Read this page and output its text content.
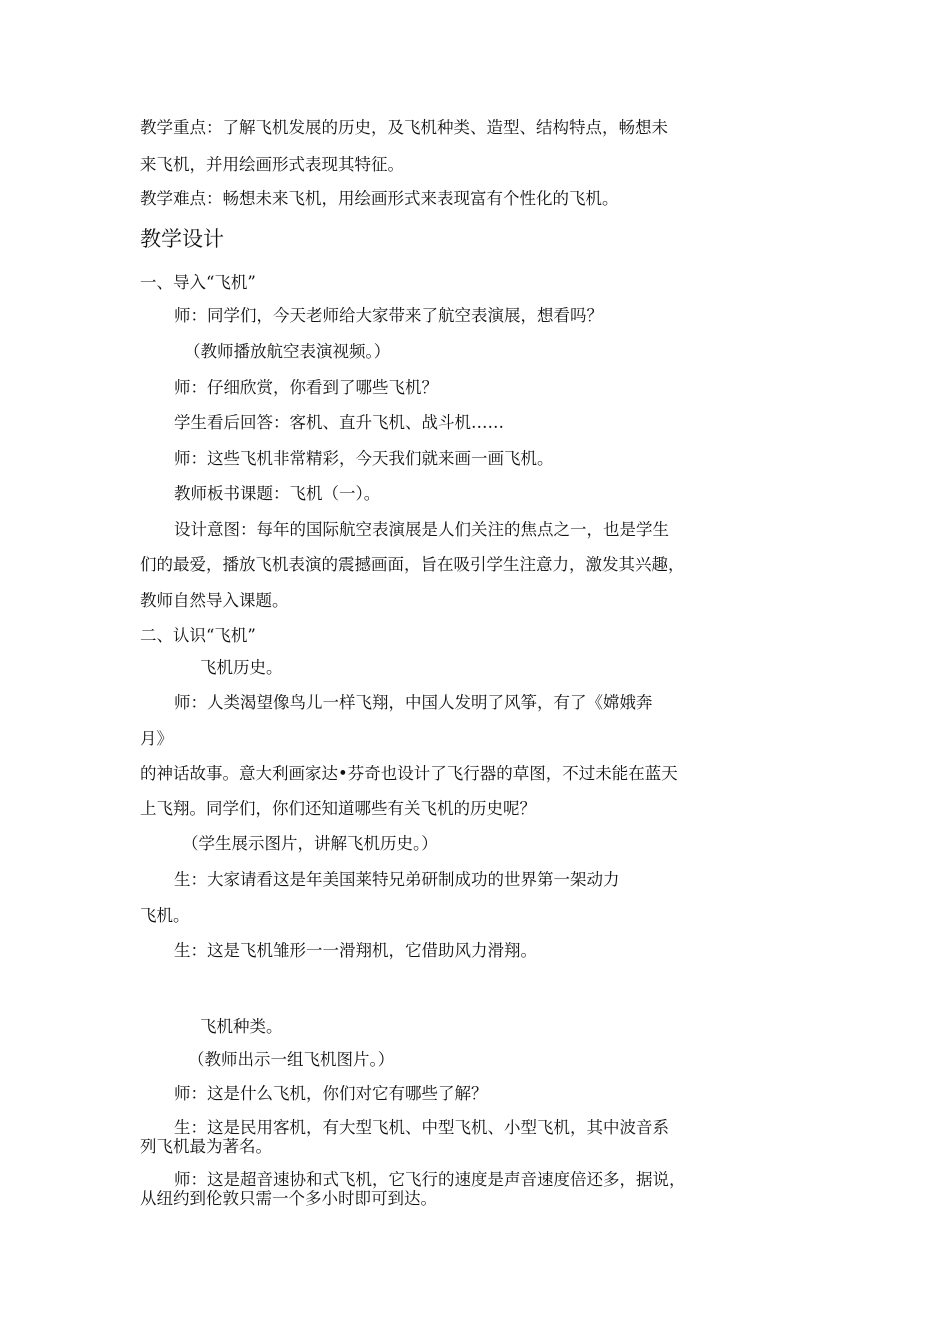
教学重点：了解飞机发展的历史，及飞机种类、造型、结构特点，畅想未

来飞机，并用绘画形式表现其特征。

教学难点：畅想未来飞机，用绘画形式来表现富有个性化的飞机。

教学设计

一、导入“飞机”

师：同学们，今天老师给大家带来了航空表演展，想看吗？

（教师播放航空表演视频。）

师：仔细欣赏，你看到了哪些飞机？

学生看后回答：客机、直升飞机、战斗机……

师：这些飞机非常精彩，今天我们就来画一画飞机。

教师板书课题：飞机（一）。

设计意图：每年的国际航空表演展是人们关注的焦点之一，也是学生

们的最爱，播放飞机表演的震撼画面，旨在吸引学生注意力，激发其兴趣，

教师自然导入课题。

二、认识“飞机”

飞机历史。

师：人类渴望像鸟儿一样飞翔，中国人发明了风筝，有了《嫦娥奔

月》

的神话故事。意大利画家达•芬奇也设计了飞行器的草图，不过未能在蓝天

上飞翔。同学们，你们还知道哪些有关飞机的历史呢？

（学生展示图片，讲解飞机历史。）

生：大家请看这是年美国莱特兄弟研制成功的世界第一架动力

飞机。

生：这是飞机雏形一一滑翔机，它借助风力滑翔。

飞机种类。

（教师出示一组飞机图片。）

师：这是什么飞机，你们对它有哪些了解？

生：这是民用客机，有大型飞机、中型飞机、小型飞机，其中波音系

列飞机最为著名。

师：这是超音速协和式飞机，它飞行的速度是声音速度倍还多，据说，

从纽约到伦敦只需一个多小时即可到达。
